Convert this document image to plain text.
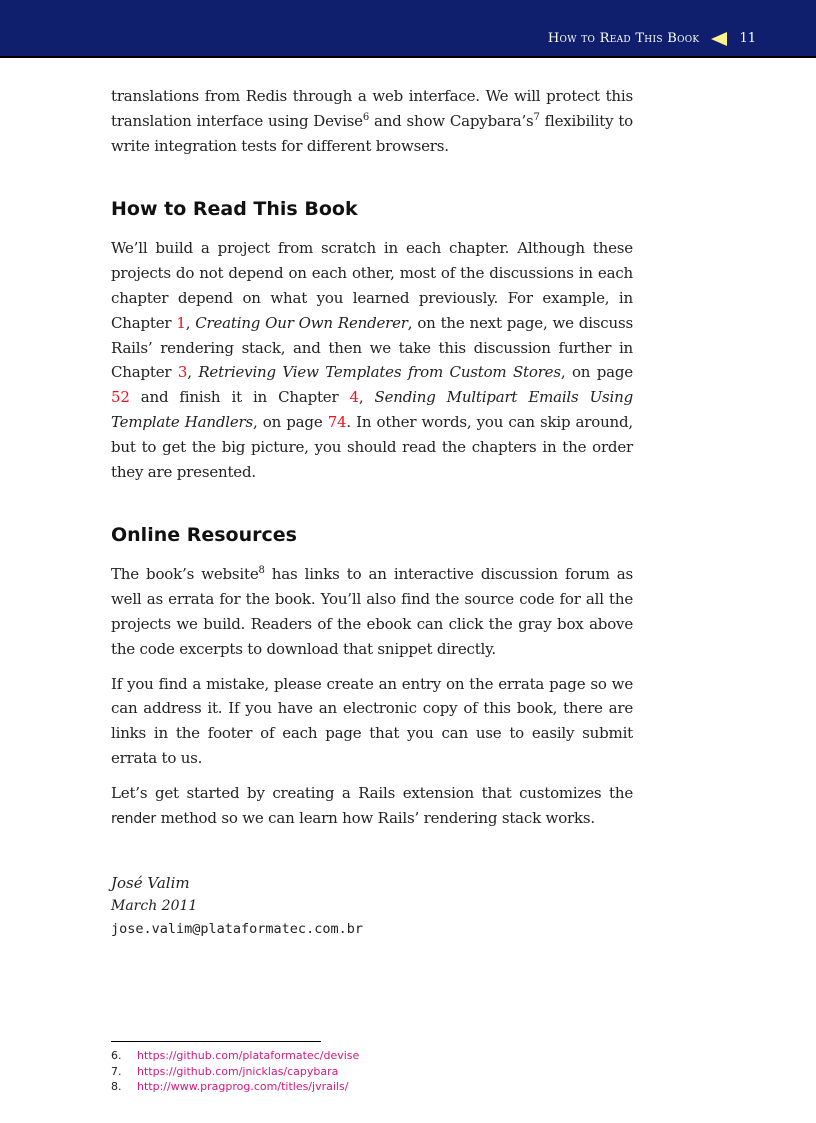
How to Read This Book	11

translations from Redis through a web interface. We will protect this translation interface using Devise$^6$ and show $Capybara’s^7$ flexibility to write integration tests for different browsers.

How to Read This Book

We’ll build a project from scratch in each chapter. Although these projects do not depend on each other, most of the discussions in each chapter depend on what you learned previously. For example, in Chapter 1, Creating Our Own Renderer, on the next page, we discuss Rails’ rendering stack, and then we take this discussion further in Chapter 3, Retrieving View Templates from Custom Stores, on page 52 and finish it in Chapter 4, Sending Multipart Emails Using Template Handlers, on page 74. In other words, you can skip around, but to get the big picture, you should read the chapters in the order they are presented.

Online Resources

The book’s website$^8$ has links to an interactive discussion forum as well as errata for the book. You’ll also find the source code for all the projects we build. Readers of the ebook can click the gray box above the code excerpts to download that snippet directly.

If you find a mistake, please create an entry on the errata page so we can address it. If you have an electronic copy of this book, there are links in the footer of each page that you can use to easily submit errata to us.

Let’s get started by creating a Rails extension that customizes the render method so we can learn how Rails’ rendering stack works.

José Valim
March 2011
jose.valim@plataformatec.com.br
6.	https://github.com/plataformatec/devise
7.	https://github.com/jnicklas/capybara
8.	http://www.pragprog.com/titles/jvrails/
